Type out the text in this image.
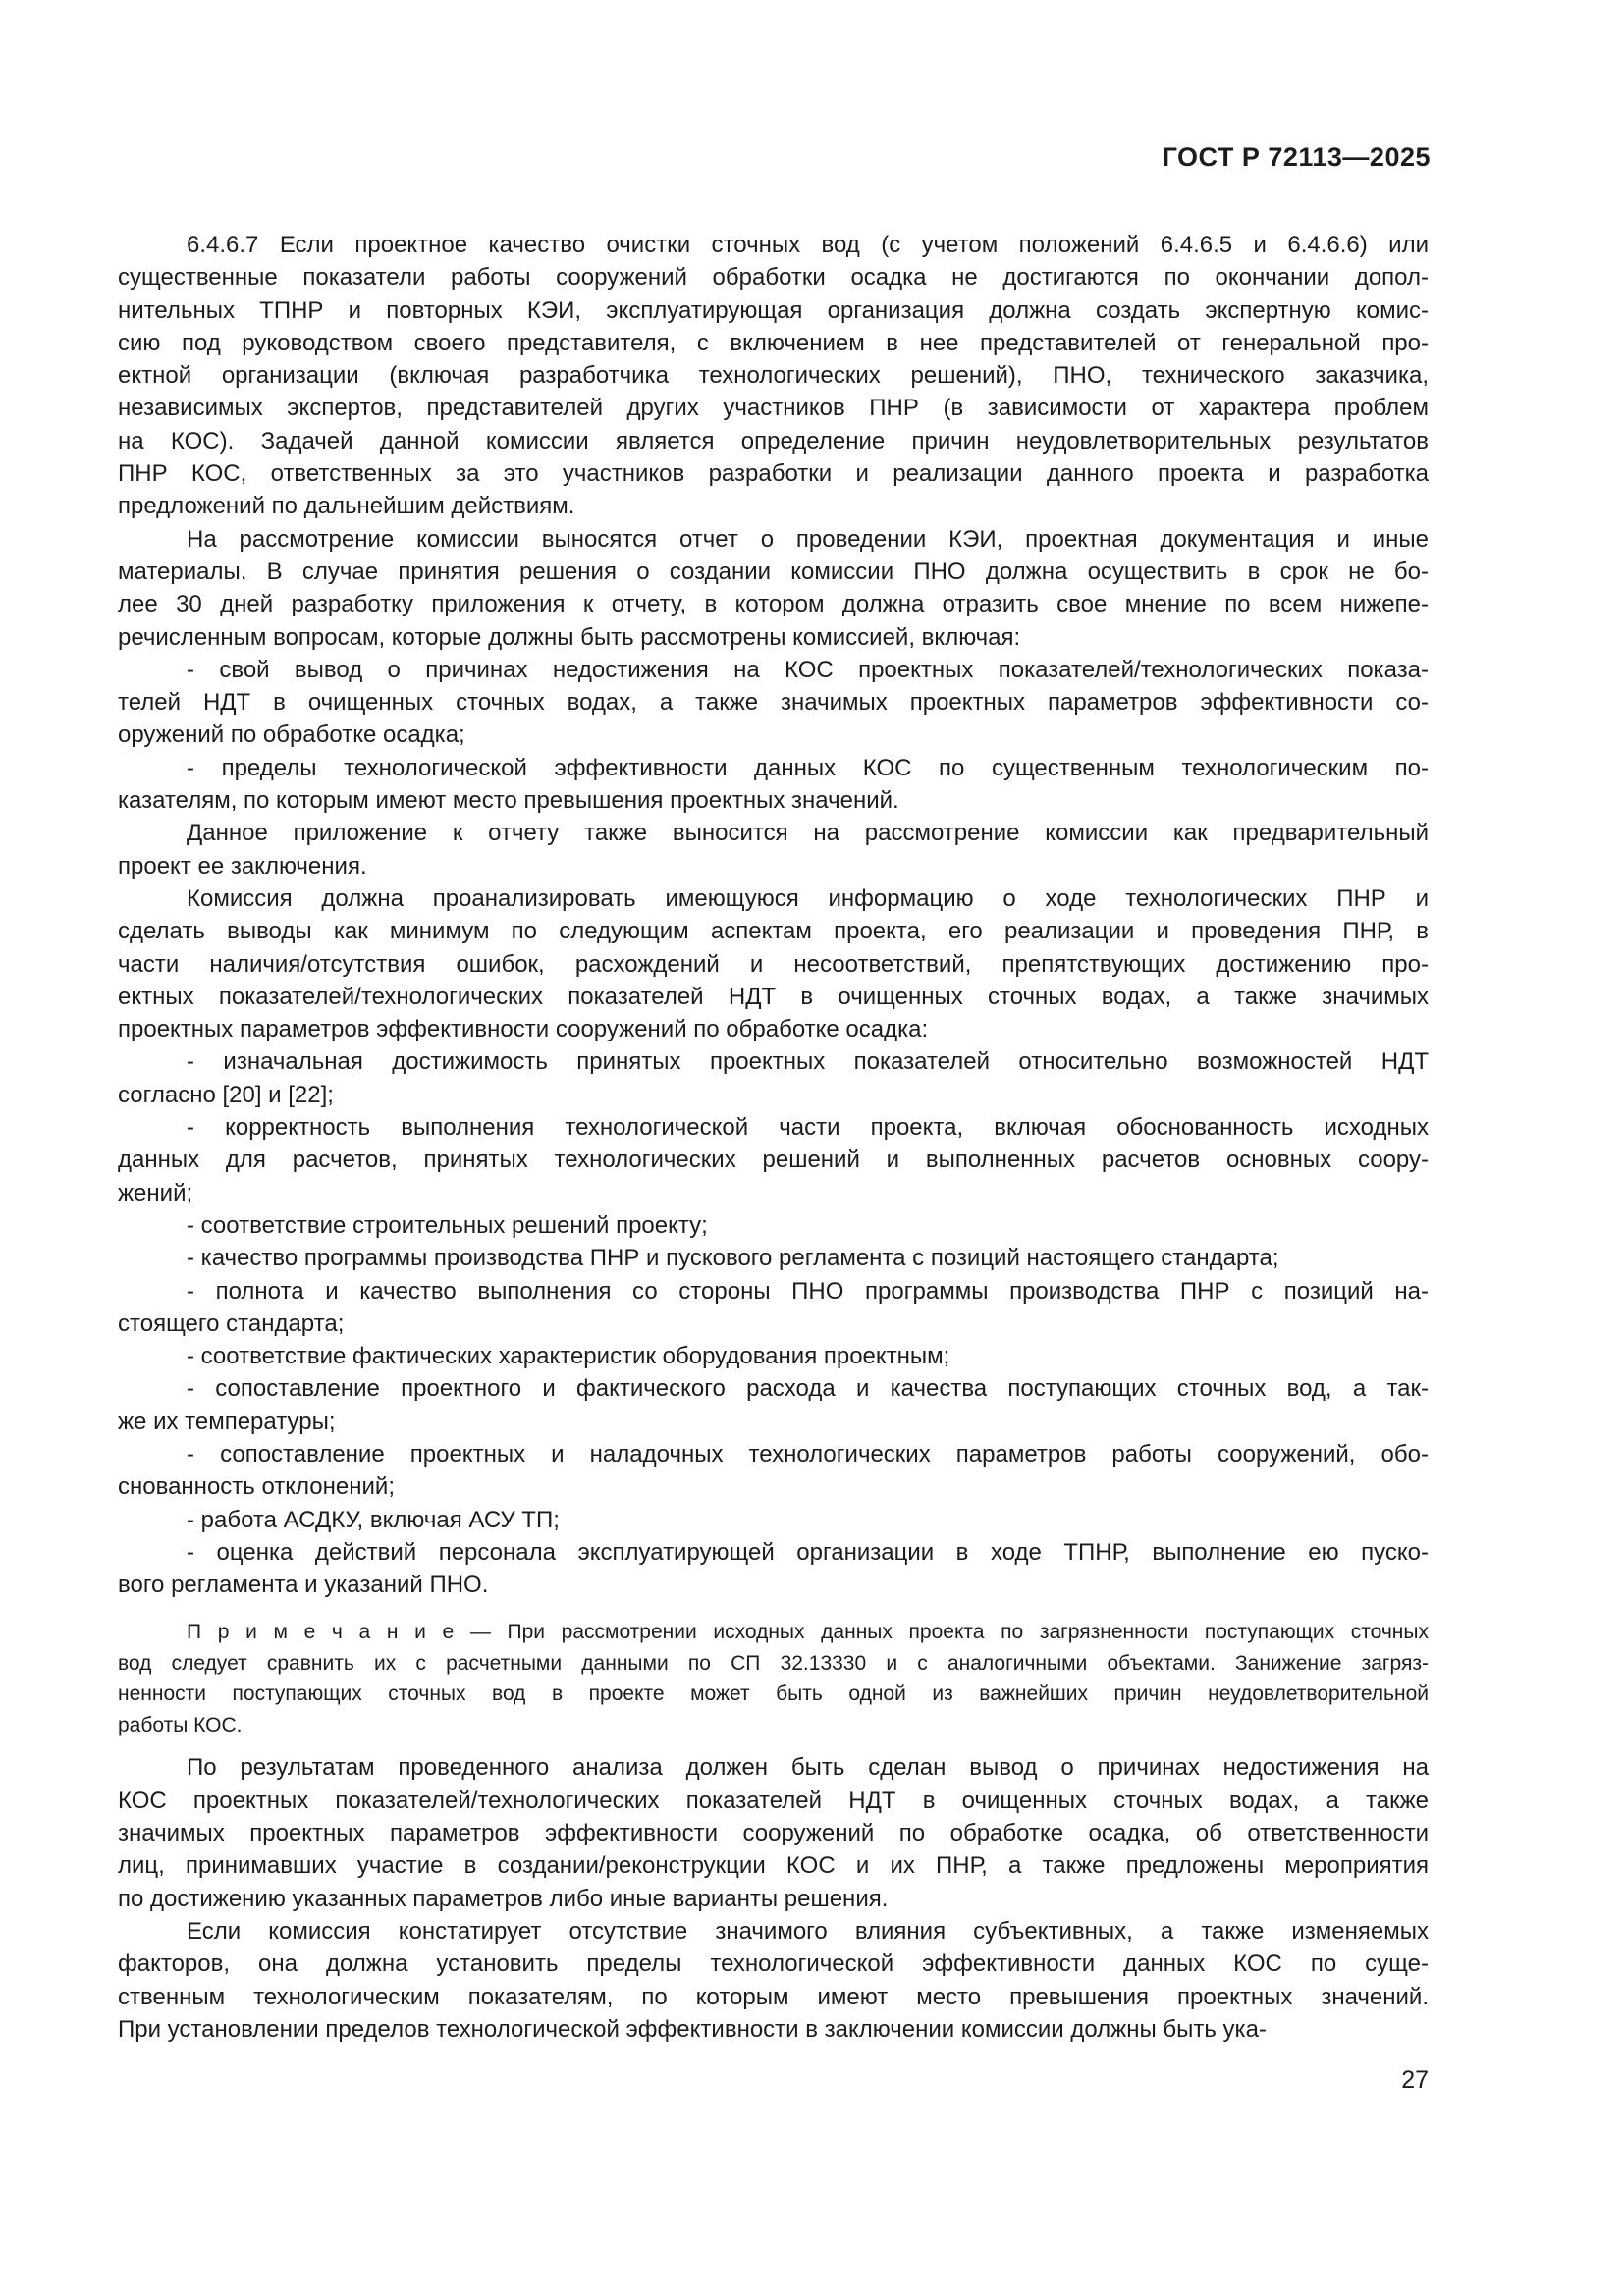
ГОСТ Р 72113—2025
6.4.6.7 Если проектное качество очистки сточных вод (с учетом положений 6.4.6.5 и 6.4.6.6) или
существенные показатели работы сооружений обработки осадка не достигаются по окончании допол-
нительных ТПНР и повторных КЭИ, эксплуатирующая организация должна создать экспертную комис-
сию под руководством своего представителя, с включением в нее представителей от генеральной про-
ектной организации (включая разработчика технологических решений), ПНО, технического заказчика,
независимых экспертов, представителей других участников ПНР (в зависимости от характера проблем
на КОС). Задачей данной комиссии является определение причин неудовлетворительных результатов
ПНР КОС, ответственных за это участников разработки и реализации данного проекта и разработка
предложений по дальнейшим действиям.
На рассмотрение комиссии выносятся отчет о проведении КЭИ, проектная документация и иные
материалы. В случае принятия решения о создании комиссии ПНО должна осуществить в срок не бо-
лее 30 дней разработку приложения к отчету, в котором должна отразить свое мнение по всем нижепе-
речисленным вопросам, которые должны быть рассмотрены комиссией, включая:
- свой вывод о причинах недостижения на КОС проектных показателей/технологических показа-
телей НДТ в очищенных сточных водах, а также значимых проектных параметров эффективности со-
оружений по обработке осадка;
- пределы технологической эффективности данных КОС по существенным технологическим по-
казателям, по которым имеют место превышения проектных значений.
Данное приложение к отчету также выносится на рассмотрение комиссии как предварительный
проект ее заключения.
Комиссия должна проанализировать имеющуюся информацию о ходе технологических ПНР и
сделать выводы как минимум по следующим аспектам проекта, его реализации и проведения ПНР, в
части наличия/отсутствия ошибок, расхождений и несоответствий, препятствующих достижению про-
ектных показателей/технологических показателей НДТ в очищенных сточных водах, а также значимых
проектных параметров эффективности сооружений по обработке осадка:
- изначальная достижимость принятых проектных показателей относительно возможностей НДТ
согласно [20] и [22];
- корректность выполнения технологической части проекта, включая обоснованность исходных
данных для расчетов, принятых технологических решений и выполненных расчетов основных соору-
жений;
- соответствие строительных решений проекту;
- качество программы производства ПНР и пускового регламента с позиций настоящего стандарта;
- полнота и качество выполнения со стороны ПНО программы производства ПНР с позиций на-
стоящего стандарта;
- соответствие фактических характеристик оборудования проектным;
- сопоставление проектного и фактического расхода и качества поступающих сточных вод, а так-
же их температуры;
- сопоставление проектных и наладочных технологических параметров работы сооружений, обо-
снованность отклонений;
- работа АСДКУ, включая АСУ ТП;
- оценка действий персонала эксплуатирующей организации в ходе ТПНР, выполнение ею пуско-
вого регламента и указаний ПНО.
П р и м е ч а н и е — При рассмотрении исходных данных проекта по загрязненности поступающих сточных
вод следует сравнить их с расчетными данными по СП 32.13330 и с аналогичными объектами. Занижение загряз-
ненности поступающих сточных вод в проекте может быть одной из важнейших причин неудовлетворительной
работы КОС.
По результатам проведенного анализа должен быть сделан вывод о причинах недостижения на
КОС проектных показателей/технологических показателей НДТ в очищенных сточных водах, а также
значимых проектных параметров эффективности сооружений по обработке осадка, об ответственности
лиц, принимавших участие в создании/реконструкции КОС и их ПНР, а также предложены мероприятия
по достижению указанных параметров либо иные варианты решения.
Если комиссия констатирует отсутствие значимого влияния субъективных, а также изменяемых
факторов, она должна установить пределы технологической эффективности данных КОС по суще-
ственным технологическим показателям, по которым имеют место превышения проектных значений.
При установлении пределов технологической эффективности в заключении комиссии должны быть ука-
27
